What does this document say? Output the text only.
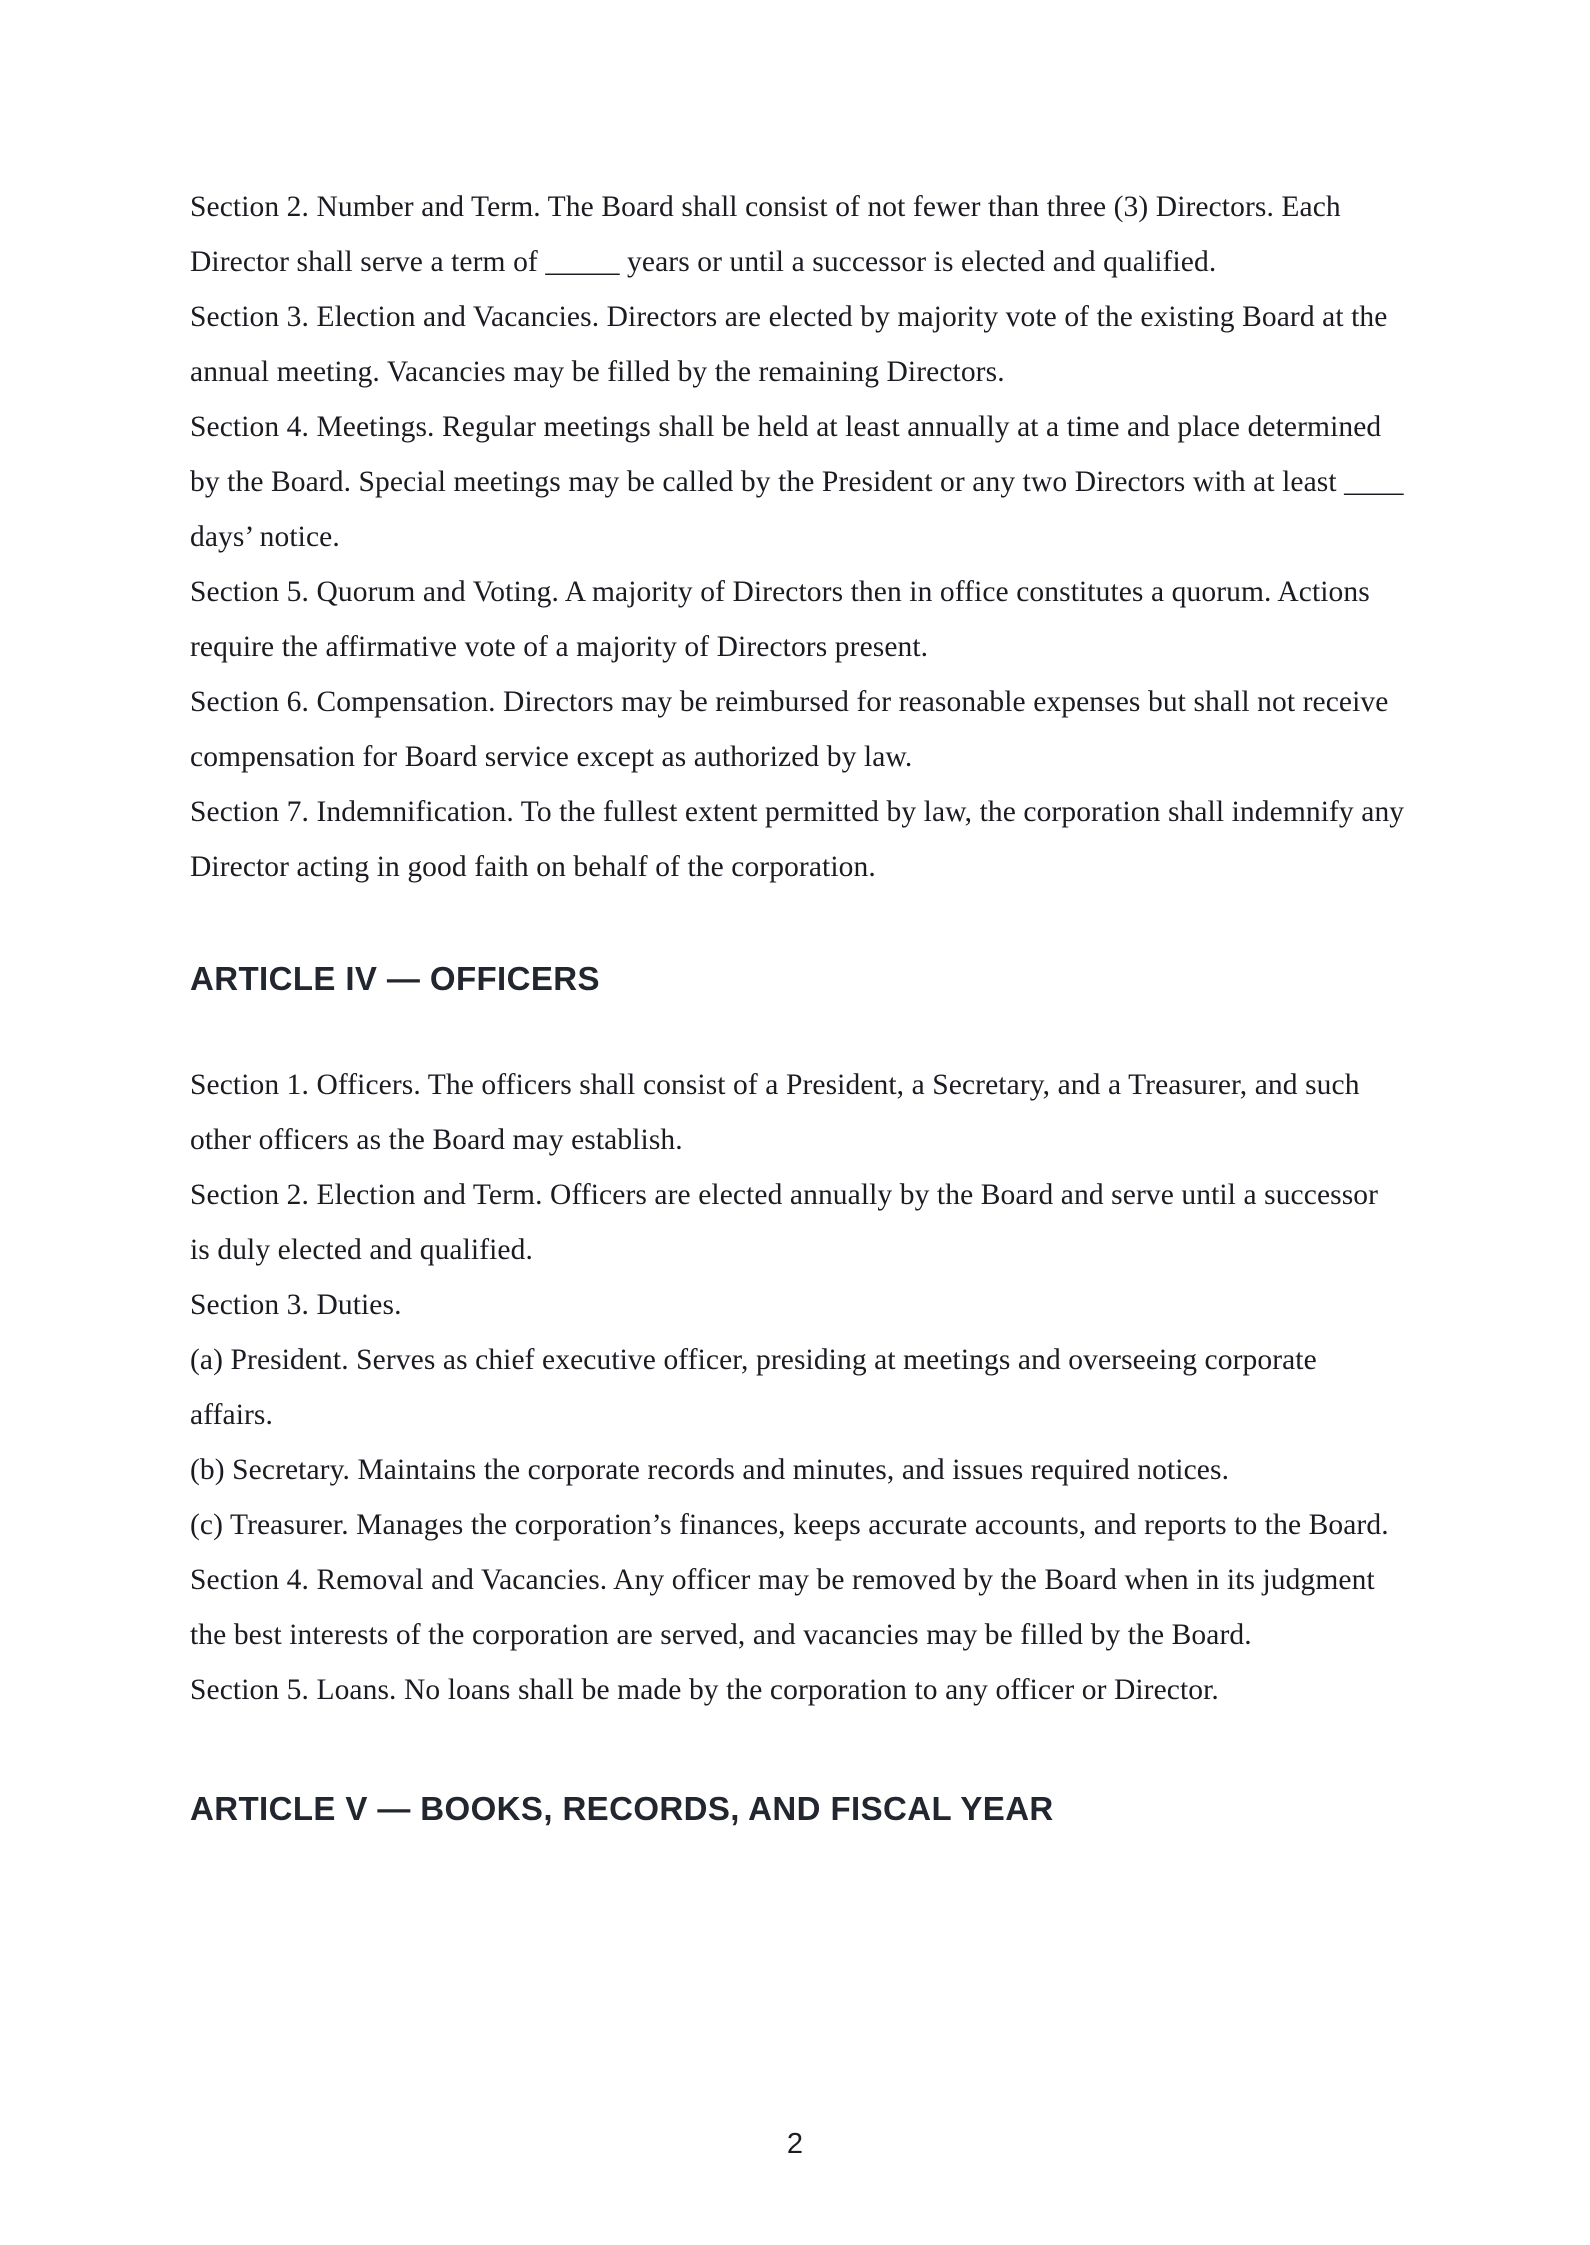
Section 2. Number and Term. The Board shall consist of not fewer than three (3) Directors. Each Director shall serve a term of _____ years or until a successor is elected and qualified.

Section 3. Election and Vacancies. Directors are elected by majority vote of the existing Board at the annual meeting. Vacancies may be filled by the remaining Directors.

Section 4. Meetings. Regular meetings shall be held at least annually at a time and place determined by the Board. Special meetings may be called by the President or any two Directors with at least ____ days’ notice.

Section 5. Quorum and Voting. A majority of Directors then in office constitutes a quorum. Actions require the affirmative vote of a majority of Directors present.

Section 6. Compensation. Directors may be reimbursed for reasonable expenses but shall not receive compensation for Board service except as authorized by law.

Section 7. Indemnification. To the fullest extent permitted by law, the corporation shall indemnify any Director acting in good faith on behalf of the corporation.

ARTICLE IV — OFFICERS

Section 1. Officers. The officers shall consist of a President, a Secretary, and a Treasurer, and such other officers as the Board may establish.

Section 2. Election and Term. Officers are elected annually by the Board and serve until a successor is duly elected and qualified.

Section 3. Duties.

(a) President. Serves as chief executive officer, presiding at meetings and overseeing corporate affairs.

(b) Secretary. Maintains the corporate records and minutes, and issues required notices.

(c) Treasurer. Manages the corporation’s finances, keeps accurate accounts, and reports to the Board.

Section 4. Removal and Vacancies. Any officer may be removed by the Board when in its judgment the best interests of the corporation are served, and vacancies may be filled by the Board.

Section 5. Loans. No loans shall be made by the corporation to any officer or Director.

ARTICLE V — BOOKS, RECORDS, AND FISCAL YEAR
2
